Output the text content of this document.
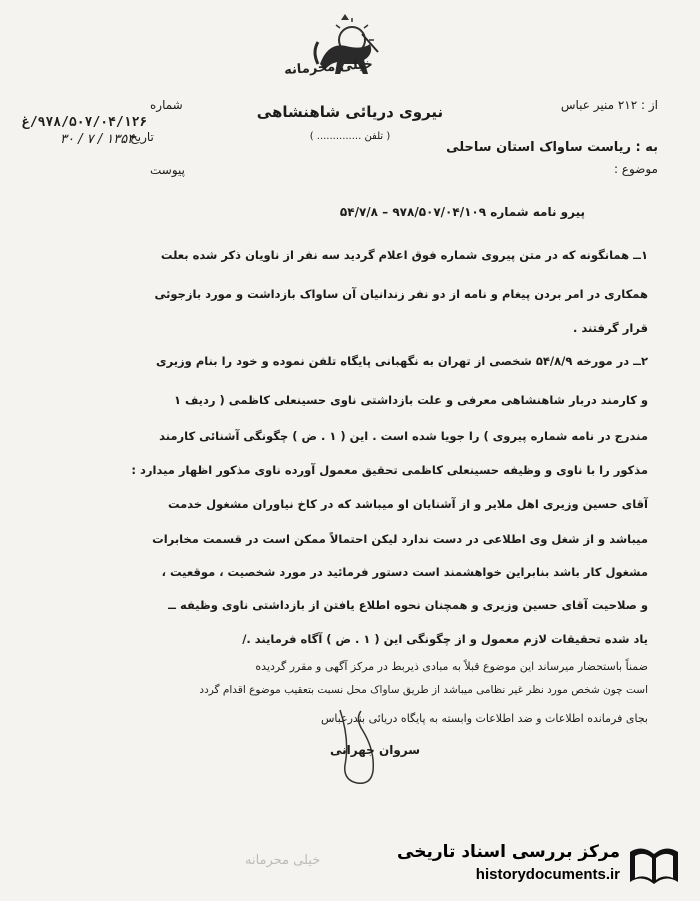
خیلی محرمانه
نیروی دریائی شاهنشاهی
( تلفن .............. )
شماره
۹۷۸/۵۰۷/۰۴/۱۲۶/غ
تاریخ
۳۰ / ۷ / ۱۳۵۴
پیوست
از : ۲۱۲ منیر عباس
به : ریاست ساواک استان ساحلی
موضوع :
پیرو نامه شماره ۹۷۸/۵۰۷/۰۴/۱۰۹ – ۵۴/۷/۸
۱ــ همانگونه که در متن پیروی شماره فوق اعلام گردید سه نفر از ناویان ذکر شده بعلت
همکاری در امر بردن پیغام و نامه از دو نفر زندانیان آن ساواک بازداشت و مورد بازجوئی
قرار گرفتند .
۲ــ در مورخه ۵۴/۸/۹ شخصی از تهران به نگهبانی پایگاه تلفن نموده و خود را بنام وزیری
و کارمند دربار شاهنشاهی معرفی و علت بازداشتی ناوی حسینعلی کاظمی ( ردیف ۱
مندرج در نامه شماره پیروی ) را جویا شده است . این ( ۱ . ض ) چگونگی آشنائی کارمند
مذکور را با ناوی و وظیفه حسینعلی کاظمی تحقیق معمول آورده ناوی مذکور اظهار میدارد :
آقای حسین وزیری اهل ملایر و از آشنایان او میباشد که در کاخ نیاوران مشغول خدمت
میباشد و از شغل وی اطلاعی در دست ندارد لیکن احتمالاً ممکن است در قسمت مخابرات
مشغول کار باشد بنابراین خواهشمند است دستور فرمائید در مورد شخصیت ، موقعیت ،
و صلاحیت آقای حسین وزیری و همچنان نحوه اطلاع یافتن از بازداشتی ناوی وظیفه ــ
یاد شده تحقیقات لازم معمول و از چگونگی این ( ۱ . ض ) آگاه فرمایند ./
ضمناً باستحضار میرساند این موضوع قبلاً به مبادی ذیربط در مرکز آگهی و مقرر گردیده
است چون شخص مورد نظر غیر نظامی میباشد از طریق ساواک محل نسبت بتعقیب موضوع اقدام گردد
بجای فرمانده اطلاعات و ضد اطلاعات وابسته به پایگاه دریائی بندرعباس
سروان جهرانی
خیلی محرمانه	مرکز بررسی اسناد تاریخی
historydocuments.ir
